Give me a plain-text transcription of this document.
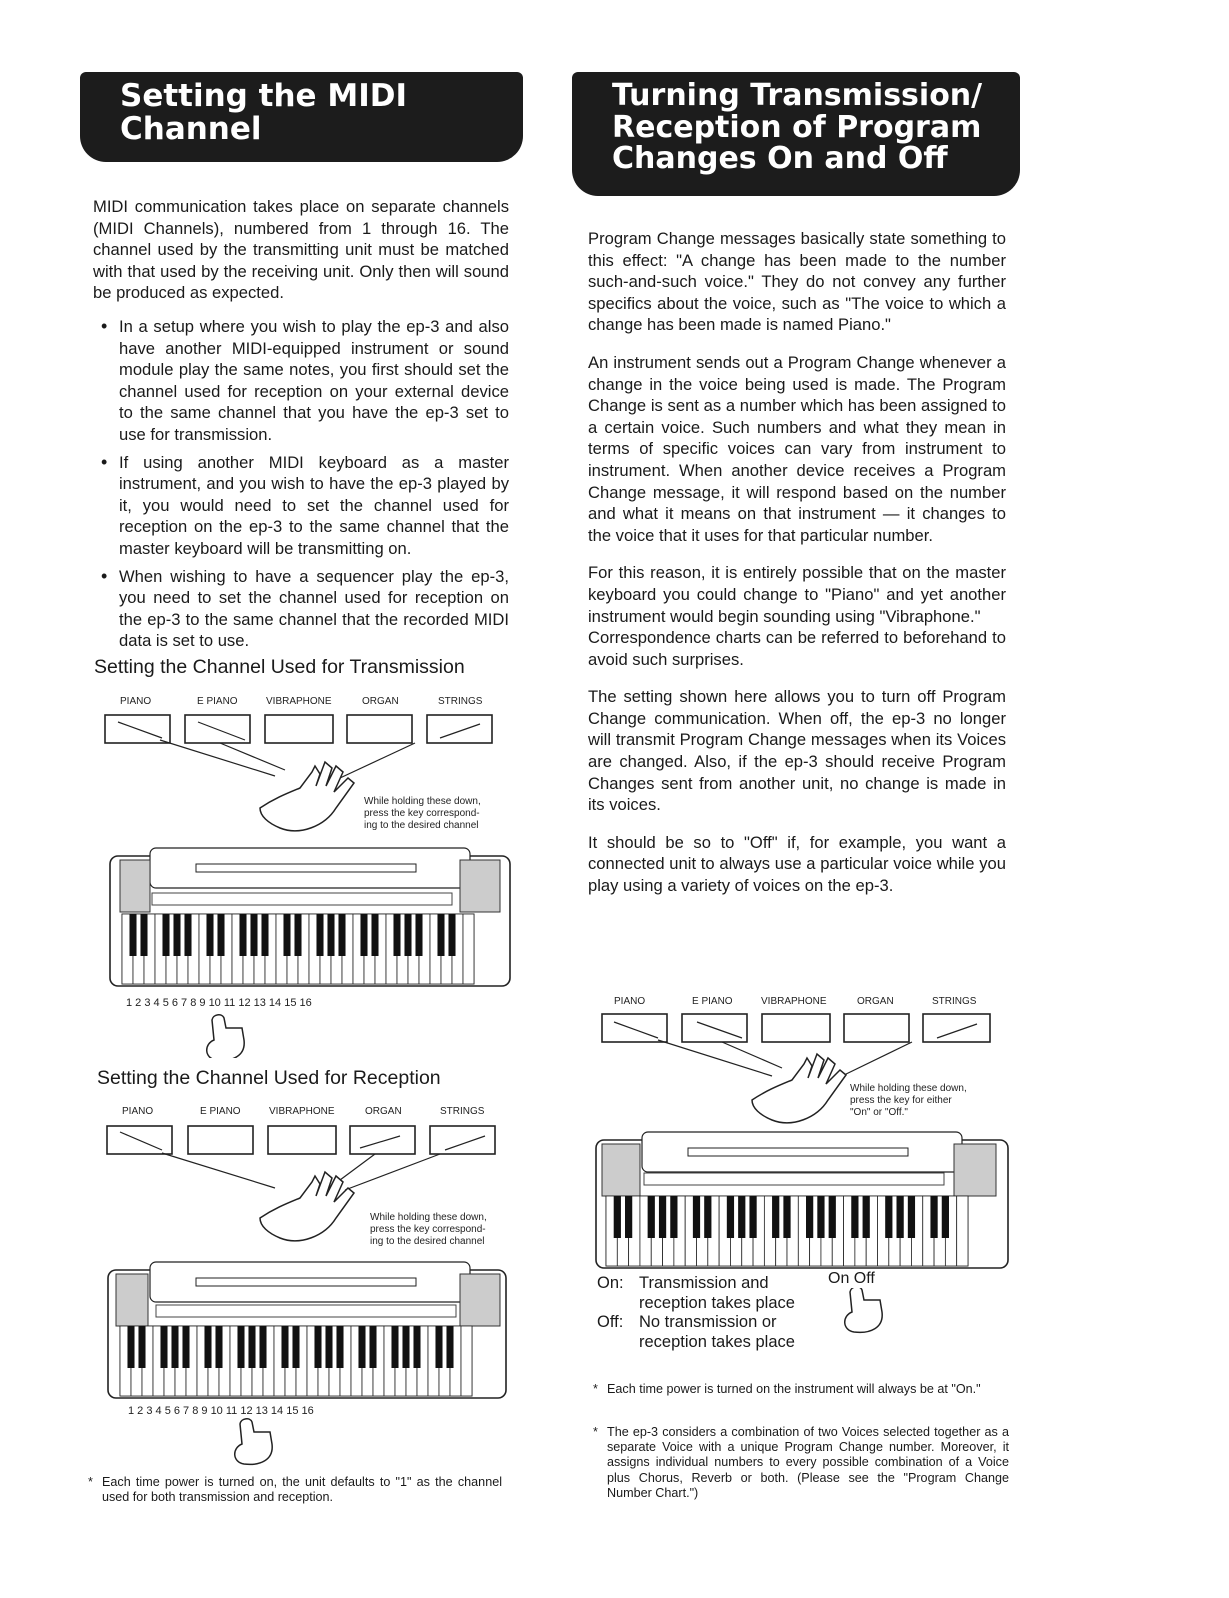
Setting the MIDI
Channel
Turning Transmission/
Reception of Program
Changes On and Off

MIDI communication takes place on separate channels (MIDI Channels), numbered from 1 through 16. The channel used by the transmitting unit must be matched with that used by the receiving unit. Only then will sound be produced as expected.

• In a setup where you wish to play the ep-3 and also have another MIDI-equipped instrument or sound module play the same notes, you first should set the channel used for reception on your external device to the same channel that you have the ep-3 set to use for transmission.
• If using another MIDI keyboard as a master instrument, and you wish to have the ep-3 played by it, you would need to set the channel used for reception on the ep-3 to the same channel that the master keyboard will be transmitting on.
• When wishing to have a sequencer play the ep-3, you need to set the channel used for reception on the ep-3 to the same channel that the recorded MIDI data is set to use.
Setting the Channel Used for Transmission
PIANO	E PIANO	VIBRAPHONE	ORGAN	STRINGS
While holding these down,
press the key correspond-
ing to the desired channel
1 2 3 4 5 6 7 8 9 10 11 12 13 14 15 16
Setting the Channel Used for Reception
PIANO	E PIANO	VIBRAPHONE	ORGAN	STRINGS
While holding these down,
press the key correspond-
ing to the desired channel
1 2 3 4 5 6 7 8 9 10 11 12 13 14 15 16
* Each time power is turned on, the unit defaults to "1" as the channel used for both transmission and reception.

Program Change messages basically state something to this effect: "A change has been made to the number such-and-such voice." They do not convey any further specifics about the voice, such as "The voice to which a change has been made is named Piano."

An instrument sends out a Program Change whenever a change in the voice being used is made. The Program Change is sent as a number which has been assigned to a certain voice. Such numbers and what they mean in terms of specific voices can vary from instrument to instrument. When another device receives a Program Change message, it will respond based on the number and what it means on that instrument — it changes to the voice that it uses for that particular number.

For this reason, it is entirely possible that on the master keyboard you could change to "Piano" and yet another instrument would begin sounding using "Vibraphone."

Correspondence charts can be referred to beforehand to avoid such surprises.

The setting shown here allows you to turn off Program Change communication. When off, the ep-3 no longer will transmit Program Change messages when its Voices are changed. Also, if the ep-3 should receive Program Changes sent from another unit, no change is made in its voices.

It should be so to "Off" if, for example, you want a connected unit to always use a particular voice while you play using a variety of voices on the ep-3.

PIANO	E PIANO	VIBRAPHONE	ORGAN	STRINGS
While holding these down,
press the key for either
"On" or "Off."
On Off
On: Transmission and
reception takes place
Off: No transmission or
reception takes place
* Each time power is turned on the instrument will always be at "On."
* The ep-3 considers a combination of two Voices selected together as a separate Voice with a unique Program Change number. Moreover, it assigns individual numbers to every possible combination of a Voice plus Chorus, Reverb or both. (Please see the "Program Change Number Chart.")
